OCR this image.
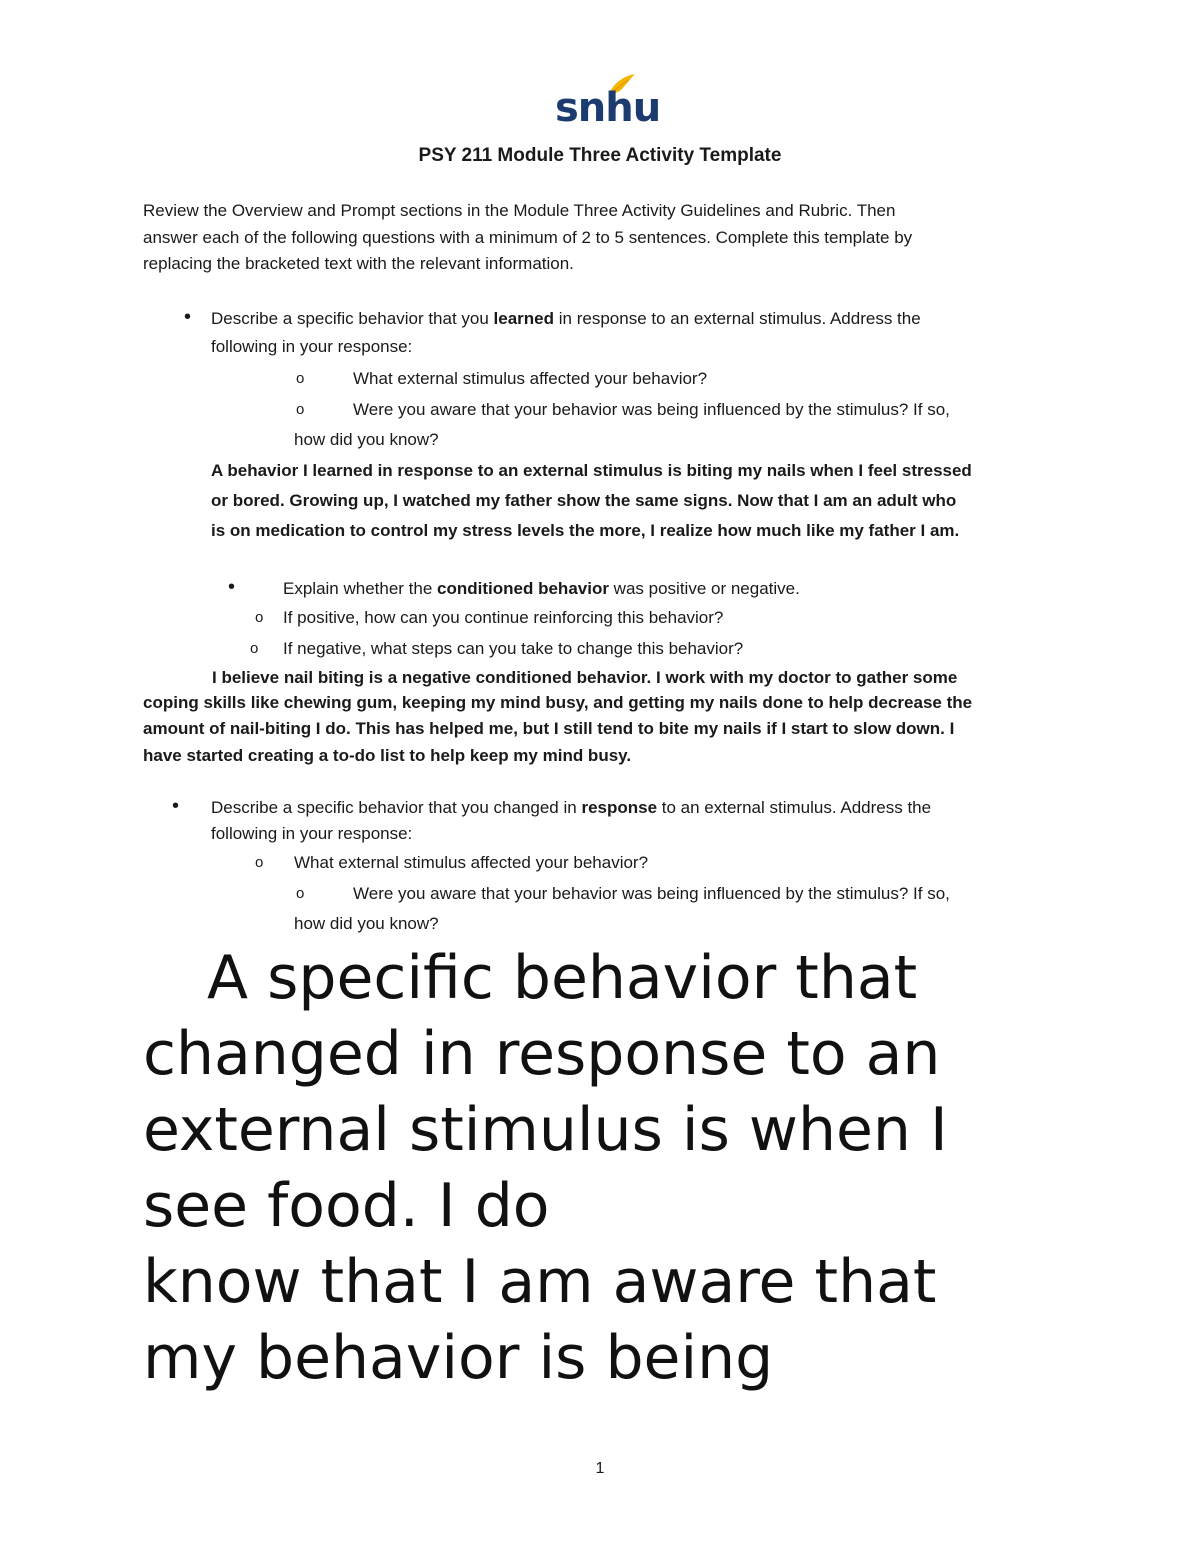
snhu
PSY 211 Module Three Activity Template
Review the Overview and Prompt sections in the Module Three Activity Guidelines and Rubric. Then
answer each of the following questions with a minimum of 2 to 5 sentences. Complete this template by
replacing the bracketed text with the relevant information.
• Describe a specific behavior that you learned in response to an external stimulus. Address the
following in your response:
o	What external stimulus affected your behavior?
o	Were you aware that your behavior was being influenced by the stimulus? If so,
how did you know?
A behavior I learned in response to an external stimulus is biting my nails when I feel stressed
or bored. Growing up, I watched my father show the same signs. Now that I am an adult who
is on medication to control my stress levels the more, I realize how much like my father I am.
•	Explain whether the conditioned behavior was positive or negative.
o If positive, how can you continue reinforcing this behavior?
o If negative, what steps can you take to change this behavior?
I believe nail biting is a negative conditioned behavior. I work with my doctor to gather some
coping skills like chewing gum, keeping my mind busy, and getting my nails done to help decrease the
amount of nail-biting I do. This has helped me, but I still tend to bite my nails if I start to slow down. I
have started creating a to-do list to help keep my mind busy.
• Describe a specific behavior that you changed in response to an external stimulus. Address the
following in your response:
o What external stimulus affected your behavior?
o	Were you aware that your behavior was being influenced by the stimulus? If so,
how did you know?
A specific behavior that
changed in response to an
external stimulus is when I
see food. I do
know that I am aware that
my behavior is being
1
